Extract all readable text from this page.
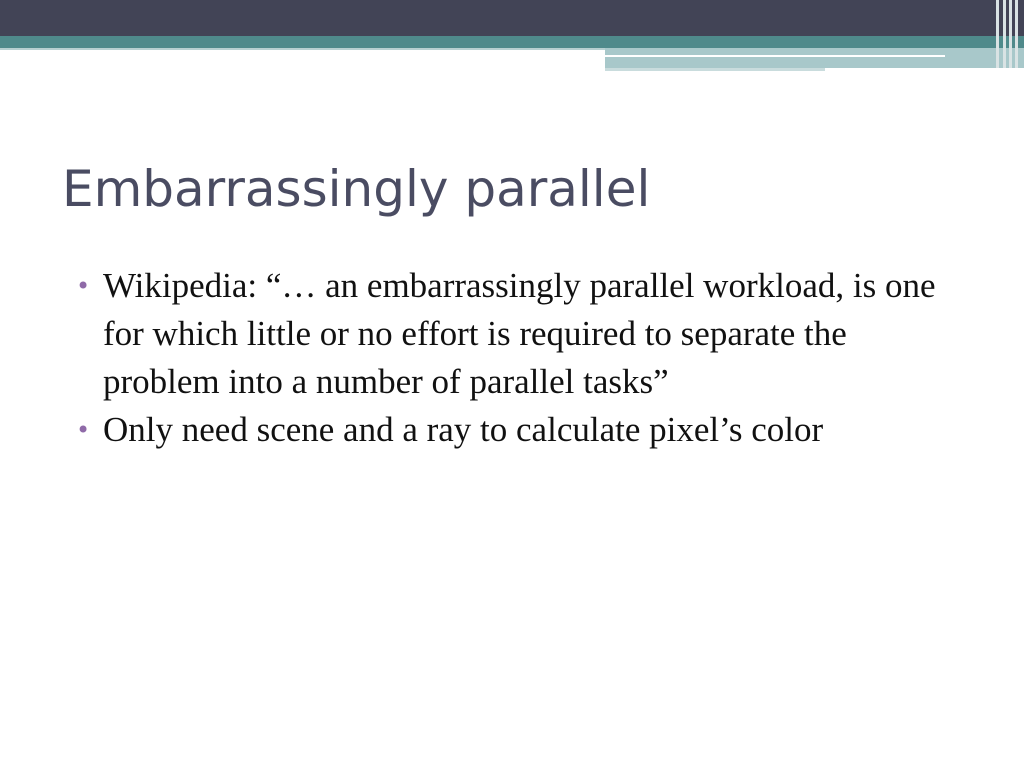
Embarrassingly parallel
• Wikipedia: “… an embarrassingly parallel workload, is one for which little or no effort is required to separate the problem into a number of parallel tasks”
• Only need scene and a ray to calculate pixel’s color
